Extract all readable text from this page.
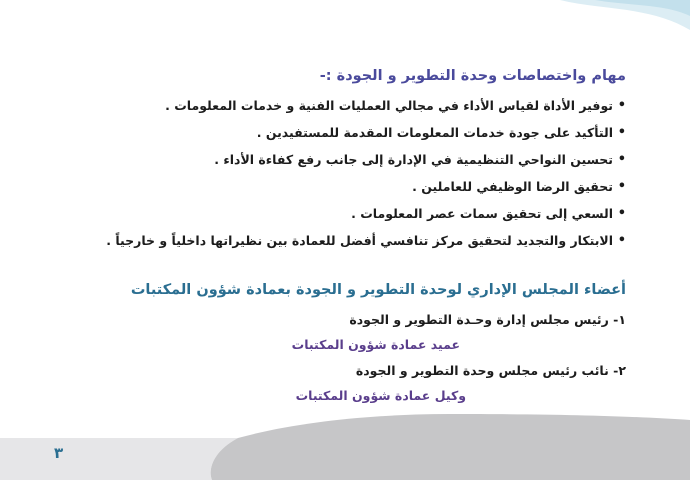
مهام واختصاصات وحدة التطوير و الجودة :-
• توفير الأداة لقياس الأداء في مجالي العمليات الفنية و خدمات المعلومات .
• التأكيد على جودة خدمات المعلومات المقدمة للمستفيدين .
• تحسين النواحي التنظيمية في الإدارة إلى جانب رفع كفاءة الأداء .
• تحقيق الرضا الوظيفي للعاملين .
• السعي إلى تحقيق سمات عصر المعلومات .
• الابتكار والتجديد لتحقيق مركز تنافسي أفضل للعمادة بين نظيراتها داخلياً و خارجياً .
أعضاء المجلس الإداري لوحدة التطوير و الجودة بعمادة شؤون المكتبات
١- رئيس مجلس إدارة وحـدة التطوير و الجودة
عميد عمادة شؤون المكتبات
٢- نائب رئيس مجلس وحدة التطوير و الجودة
وكيل عمادة شؤون المكتبات
٣
